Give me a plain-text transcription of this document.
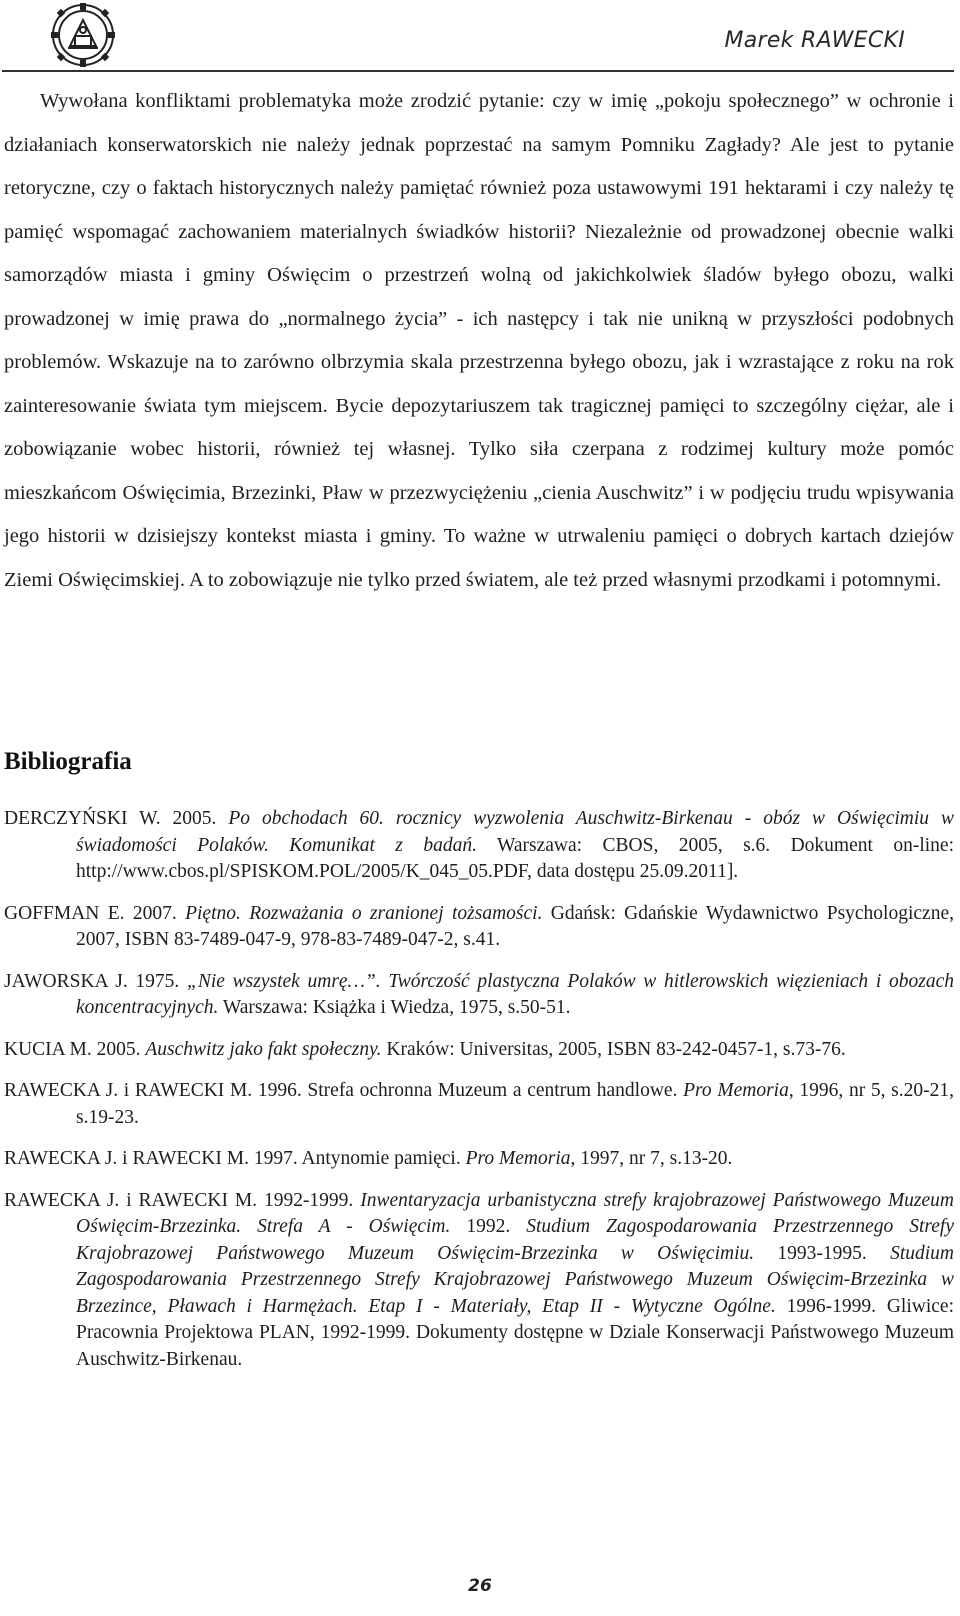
Marek RAWECKI

Wywołana konfliktami problematyka może zrodzić pytanie: czy w imię „pokoju społecznego” w ochronie i działaniach konserwatorskich nie należy jednak poprzestać na samym Pomniku Zagłady? Ale jest to pytanie retoryczne, czy o faktach historycznych należy pamiętać również poza ustawowymi 191 hektarami i czy należy tę pamięć wspomagać zachowaniem materialnych świadków historii? Niezależnie od prowadzonej obecnie walki samorządów miasta i gminy Oświęcim o przestrzeń wolną od jakichkolwiek śladów byłego obozu, walki prowadzonej w imię prawa do „normalnego życia” - ich następcy i tak nie unikną w przyszłości podobnych problemów. Wskazuje na to zarówno olbrzymia skala przestrzenna byłego obozu, jak i wzrastające z roku na rok zainteresowanie świata tym miejscem. Bycie depozytariuszem tak tragicznej pamięci to szczególny ciężar, ale i zobowiązanie wobec historii, również tej własnej. Tylko siła czerpana z rodzimej kultury może pomóc mieszkańcom Oświęcimia, Brzezinki, Pław w przezwyciężeniu „cienia Auschwitz” i w podjęciu trudu wpisywania jego historii w dzisiejszy kontekst miasta i gminy. To ważne w utrwaleniu pamięci o dobrych kartach dziejów Ziemi Oświęcimskiej. A to zobowiązuje nie tylko przed światem, ale też przed własnymi przodkami i potomnymi.

Bibliografia

DERCZYŃSKI W. 2005. Po obchodach 60. rocznicy wyzwolenia Auschwitz-Birkenau - obóz w Oświęcimiu w świadomości Polaków. Komunikat z badań. Warszawa: CBOS, 2005, s.6. Dokument on-line: http://www.cbos.pl/SPISKOM.POL/2005/K_045_05.PDF, data dostępu 25.09.2011].

GOFFMAN E. 2007. Piętno. Rozważania o zranionej tożsamości. Gdańsk: Gdańskie Wydawnictwo Psychologiczne, 2007, ISBN 83-7489-047-9, 978-83-7489-047-2, s.41.

JAWORSKA J. 1975. „Nie wszystek umrę…”. Twórczość plastyczna Polaków w hitlerowskich więzieniach i obozach koncentracyjnych. Warszawa: Książka i Wiedza, 1975, s.50-51.

KUCIA M. 2005. Auschwitz jako fakt społeczny. Kraków: Universitas, 2005, ISBN 83-242-0457-1, s.73-76.

RAWECKA J. i RAWECKI M. 1996. Strefa ochronna Muzeum a centrum handlowe. Pro Memoria, 1996, nr 5, s.20-21, s.19-23.

RAWECKA J. i RAWECKI M. 1997. Antynomie pamięci. Pro Memoria, 1997, nr 7, s.13-20.

RAWECKA J. i RAWECKI M. 1992-1999. Inwentaryzacja urbanistyczna strefy krajobrazowej Państwowego Muzeum Oświęcim-Brzezinka. Strefa A - Oświęcim. 1992. Studium Zagospodarowania Przestrzennego Strefy Krajobrazowej Państwowego Muzeum Oświęcim-Brzezinka w Oświęcimiu. 1993-1995. Studium Zagospodarowania Przestrzennego Strefy Krajobrazowej Państwowego Muzeum Oświęcim-Brzezinka w Brzezince, Pławach i Harmężach. Etap I - Materiały, Etap II - Wytyczne Ogólne. 1996-1999. Gliwice: Pracownia Projektowa PLAN, 1992-1999. Dokumenty dostępne w Dziale Konserwacji Państwowego Muzeum Auschwitz-Birkenau.

26
